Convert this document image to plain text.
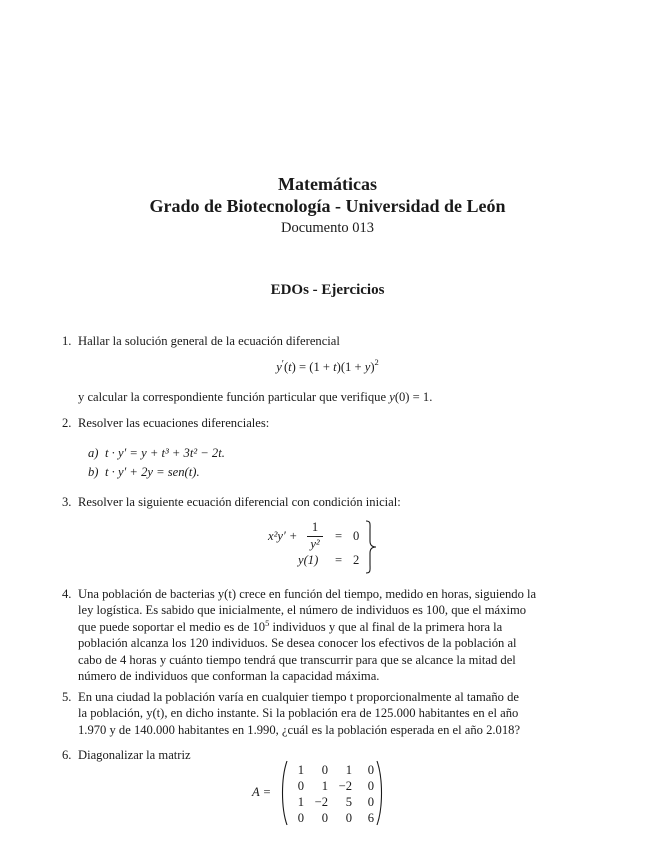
Matemáticas
Grado de Biotecnología - Universidad de León
Documento 013
EDOs - Ejercicios
1. Hallar la solución general de la ecuación diferencial
$y'(t) = (1 + t)(1 + y)^2$
y calcular la correspondiente función particular que verifique y(0) = 1.
2. Resolver las ecuaciones diferenciales:
a) t · y′ = y + t³ + 3t² − 2t.
b) t · y′ + 2y = sen(t).
3. Resolver la siguiente ecuación diferencial con condición inicial:
x²y′ +
1
y²
= 0
y(1) = 2
4. Una población de bacterias y(t) crece en función del tiempo, medido en horas, siguiendo la
ley logística. Es sabido que inicialmente, el número de individuos es 100, que el máximo
que puede soportar el medio es de $10^5$ individuos y que al final de la primera hora la
población alcanza los 120 individuos. Se desea conocer los efectivos de la población al
cabo de 4 horas y cuánto tiempo tendrá que transcurrir para que se alcance la mitad del
número de individuos que conforman la capacidad máxima.
5. En una ciudad la población varía en cualquier tiempo t proporcionalmente al tamaño de
la población, y(t), en dicho instante. Si la población era de 125.000 habitantes en el año
1.970 y de 140.000 habitantes en 1.990, ¿cuál es la población esperada en el año 2.018?
6. Diagonalizar la matriz
A =
1	0	1	0
0	1 −2	0
1 −2	5	0
0	0	0	6
